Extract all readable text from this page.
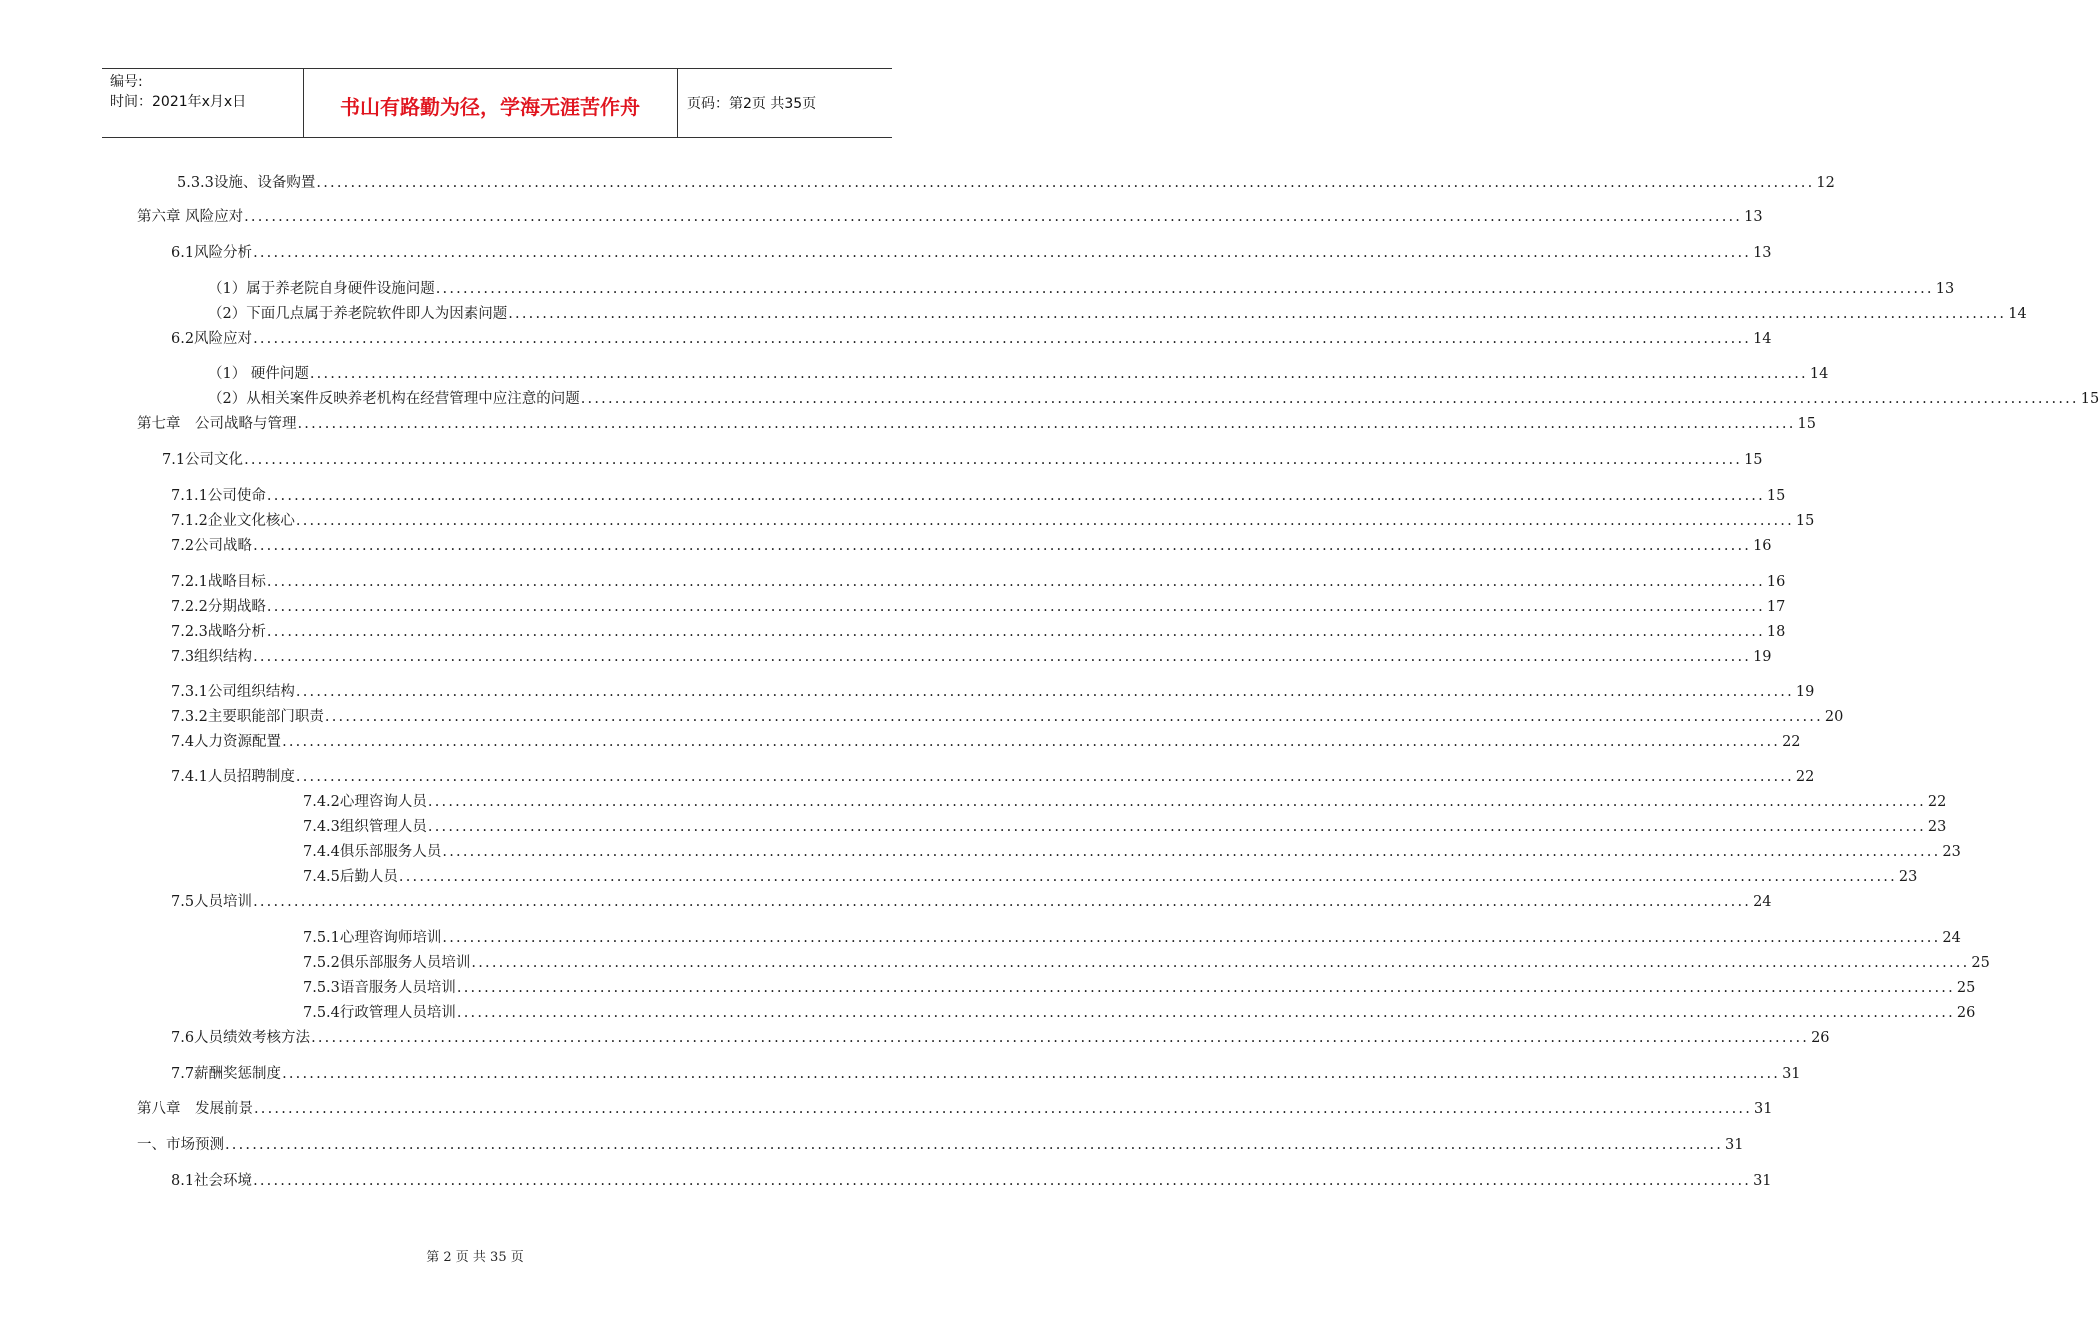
编号:
时间：2021年x月x日	书山有路勤为径，学海无涯苦作舟	页码：第2页 共35页
5.3.3设施、设备购置 ............................................................................................................................................................................................................................ 12
第六章 风险应对 ............................................................................................................................................................................................................................ 13
6.1风险分析 ............................................................................................................................................................................................................................ 13
（1）属于养老院自身硬件设施问题 ............................................................................................................................................................................................................................ 13
（2）下面几点属于养老院软件即人为因素问题 ............................................................................................................................................................................................................................ 14
6.2风险应对 ............................................................................................................................................................................................................................ 14
（1） 硬件问题 ............................................................................................................................................................................................................................ 14
（2）从相关案件反映养老机构在经营管理中应注意的问题 ............................................................................................................................................................................................................................ 15
第七章　公司战略与管理 ............................................................................................................................................................................................................................ 15
7.1公司文化 ............................................................................................................................................................................................................................ 15
7.1.1公司使命 ............................................................................................................................................................................................................................ 15
7.1.2企业文化核心 ............................................................................................................................................................................................................................ 15
7.2公司战略 ............................................................................................................................................................................................................................ 16
7.2.1战略目标 ............................................................................................................................................................................................................................ 16
7.2.2分期战略 ............................................................................................................................................................................................................................ 17
7.2.3战略分析 ............................................................................................................................................................................................................................ 18
7.3组织结构 ............................................................................................................................................................................................................................ 19
7.3.1公司组织结构 ............................................................................................................................................................................................................................ 19
7.3.2主要职能部门职责 ............................................................................................................................................................................................................................ 20
7.4人力资源配置 ............................................................................................................................................................................................................................ 22
7.4.1人员招聘制度 ............................................................................................................................................................................................................................ 22
7.4.2心理咨询人员 ............................................................................................................................................................................................................................ 22
7.4.3组织管理人员 ............................................................................................................................................................................................................................ 23
7.4.4俱乐部服务人员 ............................................................................................................................................................................................................................ 23
7.4.5后勤人员 ............................................................................................................................................................................................................................ 23
7.5人员培训 ............................................................................................................................................................................................................................ 24
7.5.1心理咨询师培训 ............................................................................................................................................................................................................................ 24
7.5.2俱乐部服务人员培训 ............................................................................................................................................................................................................................ 25
7.5.3语音服务人员培训 ............................................................................................................................................................................................................................ 25
7.5.4行政管理人员培训 ............................................................................................................................................................................................................................ 26
7.6人员绩效考核方法 ............................................................................................................................................................................................................................ 26
7.7薪酬奖惩制度 ............................................................................................................................................................................................................................ 31
第八章　发展前景 ............................................................................................................................................................................................................................ 31
一、市场预测 ............................................................................................................................................................................................................................ 31
8.1社会环境 ............................................................................................................................................................................................................................ 31
第 2 页 共 35 页
